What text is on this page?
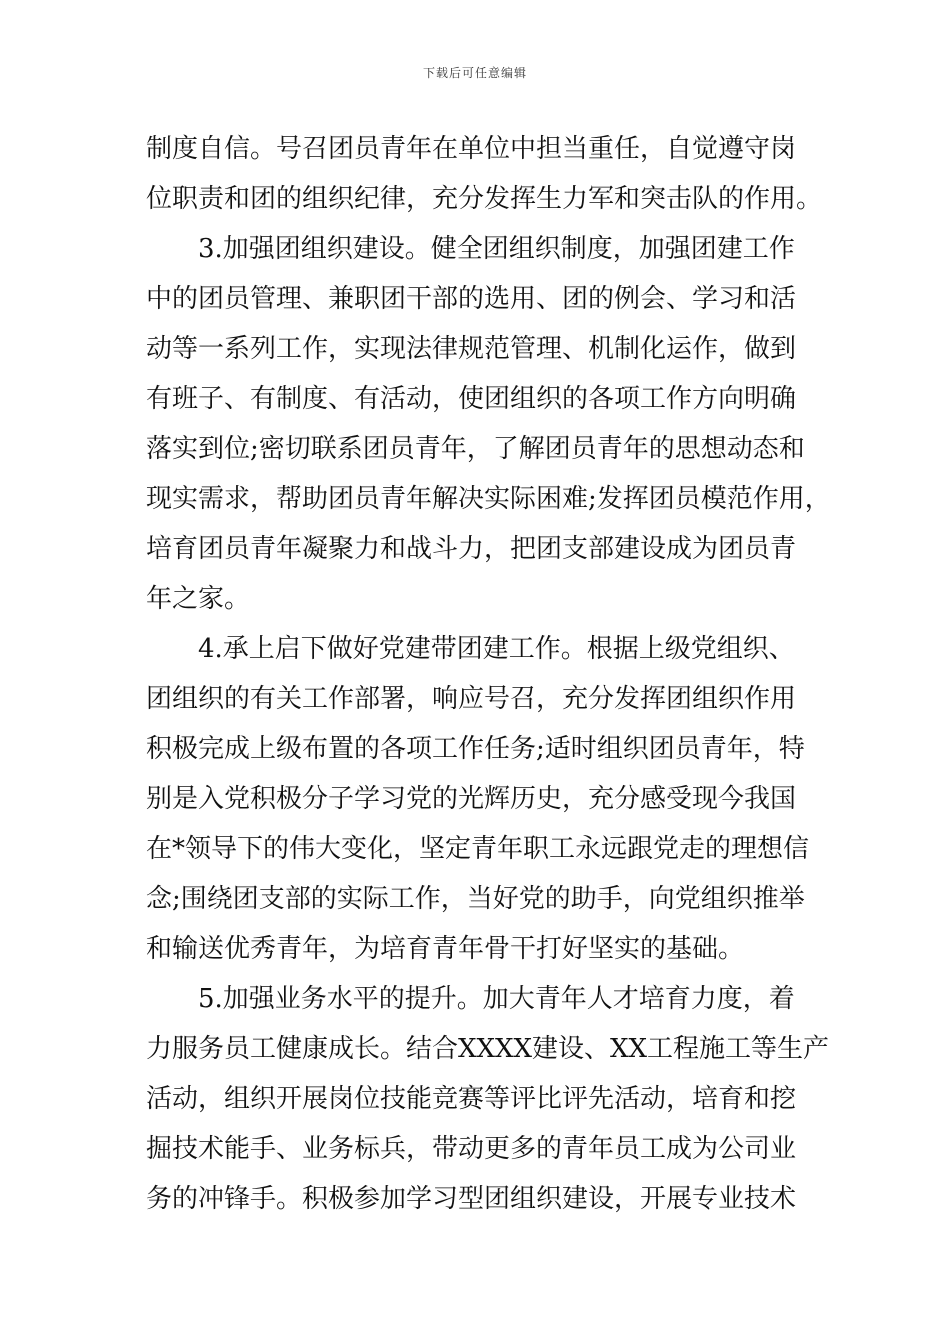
下载后可任意编辑
制度自信。号召团员青年在单位中担当重任，自觉遵守岗
位职责和团的组织纪律，充分发挥生力军和突击队的作用。
3.加强团组织建设。健全团组织制度，加强团建工作
中的团员管理、兼职团干部的选用、团的例会、学习和活
动等一系列工作，实现法律规范管理、机制化运作，做到
有班子、有制度、有活动，使团组织的各项工作方向明确
落实到位;密切联系团员青年，了解团员青年的思想动态和
现实需求，帮助团员青年解决实际困难;发挥团员模范作用，
培育团员青年凝聚力和战斗力，把团支部建设成为团员青
年之家。
4.承上启下做好党建带团建工作。根据上级党组织、
团组织的有关工作部署，响应号召，充分发挥团组织作用
积极完成上级布置的各项工作任务;适时组织团员青年，特
别是入党积极分子学习党的光辉历史，充分感受现今我国
在*领导下的伟大变化，坚定青年职工永远跟党走的理想信
念;围绕团支部的实际工作，当好党的助手，向党组织推举
和输送优秀青年，为培育青年骨干打好坚实的基础。
5.加强业务水平的提升。加大青年人才培育力度，着
力服务员工健康成长。结合XXXX建设、XX工程施工等生产
活动，组织开展岗位技能竞赛等评比评先活动，培育和挖
掘技术能手、业务标兵，带动更多的青年员工成为公司业
务的冲锋手。积极参加学习型团组织建设，开展专业技术
